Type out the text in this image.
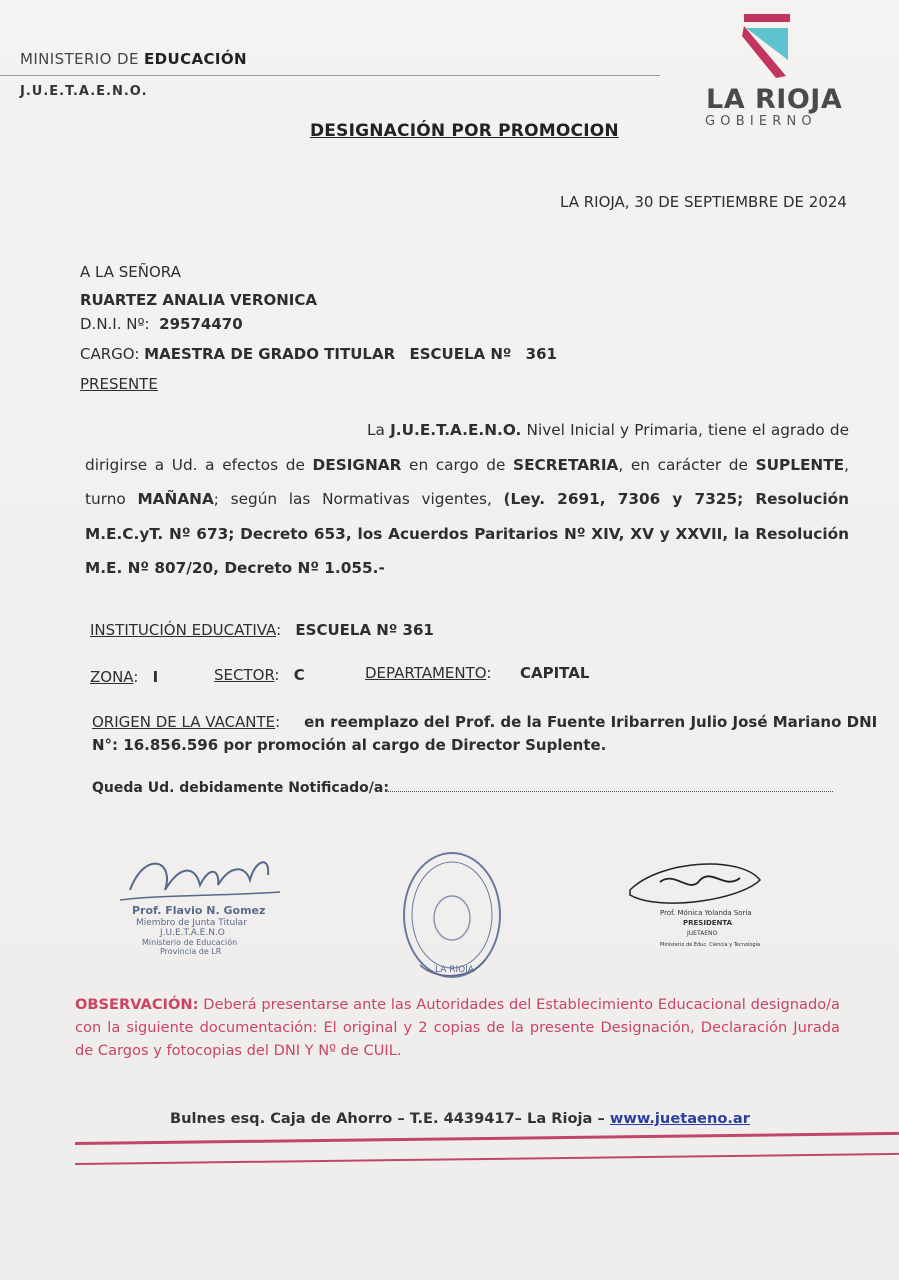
MINISTERIO DE EDUCACIÓN
J.U.E.T.A.E.N.O.	LA RIOJA
GOBIERNO
DESIGNACIÓN POR PROMOCION
LA RIOJA, 30 DE SEPTIEMBRE DE 2024
A LA SEÑORA
RUARTEZ ANALIA VERONICA
D.N.I. Nº: 29574470
CARGO: MAESTRA DE GRADO TITULAR ESCUELA Nº 361
PRESENTE
La J.U.E.T.A.E.N.O. Nivel Inicial y Primaria, tiene el agrado de dirigirse a Ud. a efectos de DESIGNAR en cargo de SECRETARIA, en carácter de SUPLENTE, turno MAÑANA; según las Normativas vigentes, (Ley. 2691, 7306 y 7325; Resolución M.E.C.yT. Nº 673; Decreto 653, los Acuerdos Paritarios Nº XIV, XV y XXVII, la Resolución M.E. Nº 807/20, Decreto Nº 1.055.-
INSTITUCIÓN EDUCATIVA:   ESCUELA Nº 361
ZONA:   I	SECTOR:   C	DEPARTAMENTO:      CAPITAL
ORIGEN DE LA VACANTE:     en reemplazo del Prof. de la Fuente Iribarren Julio José Mariano DNI
N°: 16.856.596 por promoción al cargo de Director Suplente.
Queda Ud. debidamente Notificado/a:
Prof. Flavio N. Gomez
Miembro de Junta Titular
J.U.E.T.A.E.N.O
Ministerio de Educación
Provincia de LR
LA RIOJA
Prof. Mónica Yolanda Soria
PRESIDENTA
JUETAENO
Ministerio de Educ. Ciencia y Tecnología
OBSERVACIÓN: Deberá presentarse ante las Autoridades del Establecimiento Educacional designado/a con la siguiente documentación: El original y 2 copias de la presente Designación, Declaración Jurada de Cargos y fotocopias del DNI Y Nº de CUIL.
Bulnes esq. Caja de Ahorro – T.E. 4439417– La Rioja – www.juetaeno.ar
